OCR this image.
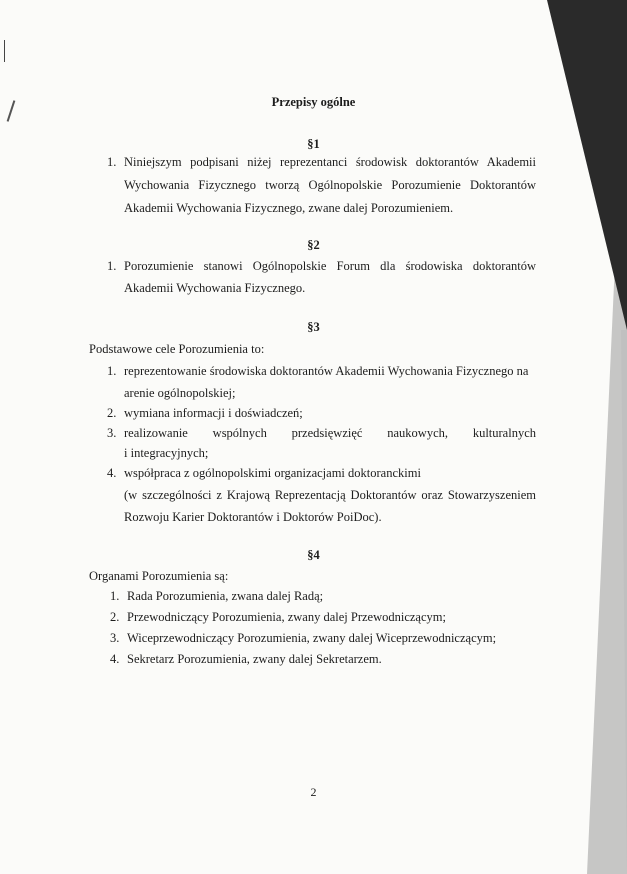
Przepisy ogólne
§1
1. Niniejszym podpisani niżej reprezentanci środowisk doktorantów Akademii
Wychowania Fizycznego tworzą Ogólnopolskie Porozumienie Doktorantów
Akademii Wychowania Fizycznego, zwane dalej Porozumieniem.
§2
1. Porozumienie stanowi Ogólnopolskie Forum dla środowiska doktorantów
Akademii Wychowania Fizycznego.
§3
Podstawowe cele Porozumienia to:
1. reprezentowanie środowiska doktorantów Akademii Wychowania Fizycznego na
arenie ogólnopolskiej;
2. wymiana informacji i doświadczeń;
3. realizowanie wspólnych przedsięwzięć naukowych, kulturalnych
i integracyjnych;
4. współpraca z ogólnopolskimi organizacjami doktoranckimi
(w szczególności z Krajową Reprezentacją Doktorantów oraz Stowarzyszeniem
Rozwoju Karier Doktorantów i Doktorów PoiDoc).
§4
Organami Porozumienia są:
1. Rada Porozumienia, zwana dalej Radą;
2. Przewodniczący Porozumienia, zwany dalej Przewodniczącym;
3. Wiceprzewodniczący Porozumienia, zwany dalej Wiceprzewodniczącym;
4. Sekretarz Porozumienia, zwany dalej Sekretarzem.
2
